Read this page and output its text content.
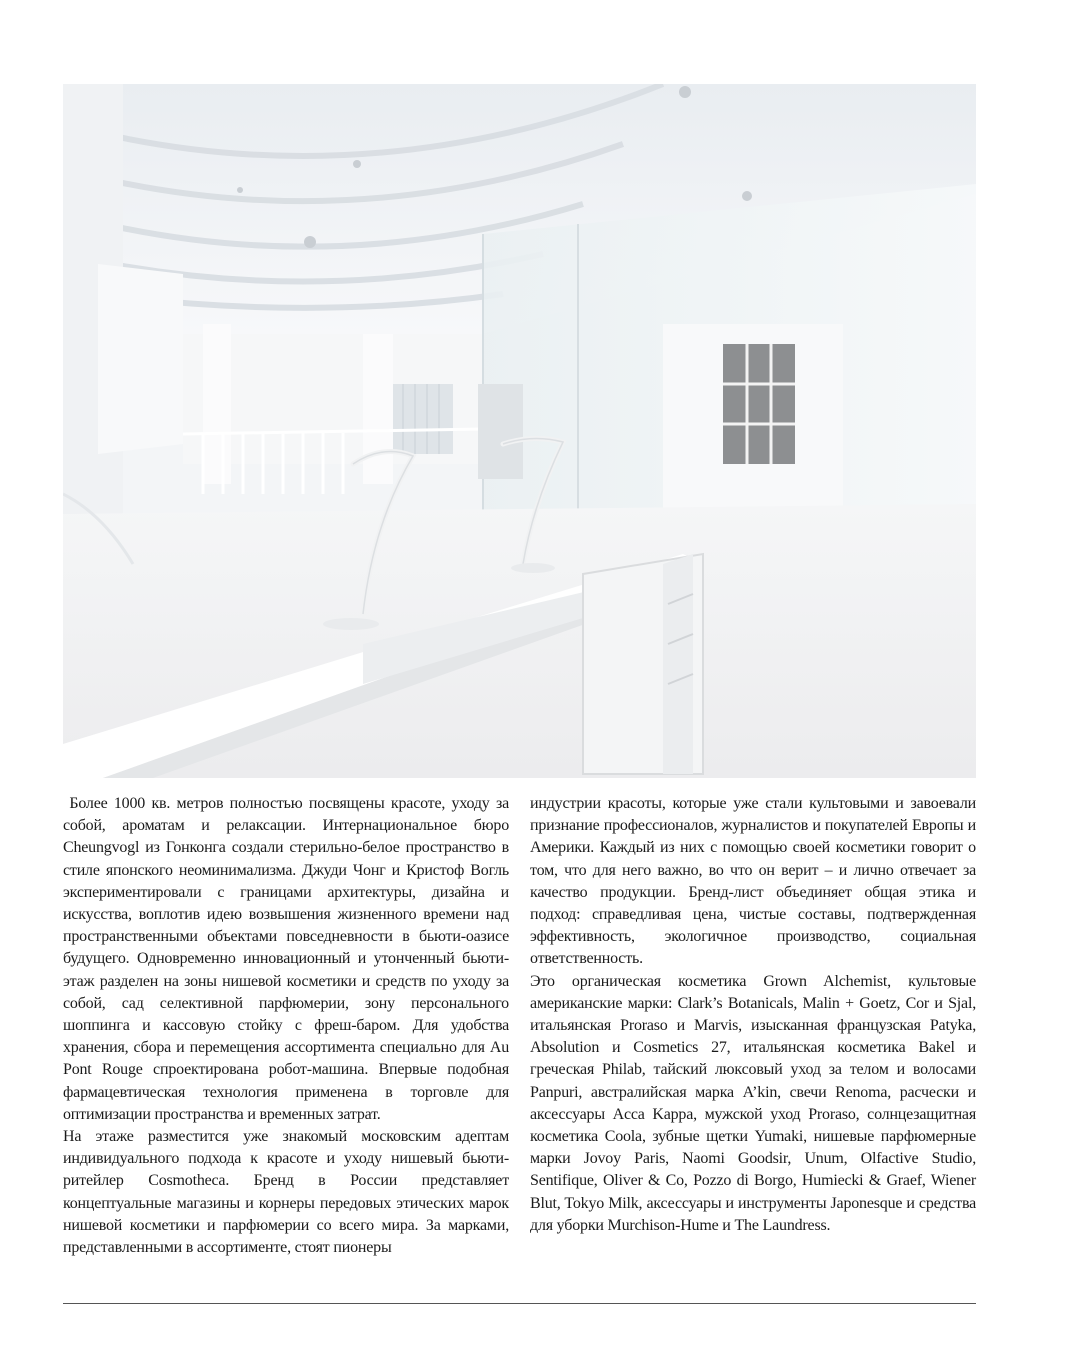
Более 1000 кв. метров полностью посвящены красоте, уходу за собой, ароматам и релаксации. Интернациональное бюро Cheungvogl из Гонконга создали стерильно-белое пространство в стиле японского неоминимализма. Джуди Чонг и Кристоф Вогль экспериментировали с границами архитектуры, дизайна и искусства, воплотив идею возвышения жизненного времени над пространственными объектами повседневности в бьюти-оазисе будущего. Одновременно инновационный и утонченный бьюти-этаж разделен на зоны нишевой косметики и средств по уходу за собой, сад селективной парфюмерии, зону персонального шоппинга и кассовую стойку с фреш-баром. Для удобства хранения, сбора и перемещения ассортимента специально для Au Pont Rouge спроектирована робот-машина. Впервые подобная фармацевтическая технология применена в торговле для оптимизации пространства и временных затрат.

На этаже разместится уже знакомый московским адептам индивидуального подхода к красоте и уходу нишевый бьюти-ритейлер Cosmotheca. Бренд в России представляет концептуальные магазины и корнеры передовых этических марок нишевой косметики и парфюмерии со всего мира. За марками, представленными в ассортименте, стоят пионеры

индустрии красоты, которые уже стали культовыми и завоевали признание профессионалов, журналистов и покупателей Европы и Америки. Каждый из них с помощью своей косметики говорит о том, что для него важно, во что он верит – и лично отвечает за качество продукции. Бренд-лист объединяет общая этика и подход: справедливая цена, чистые составы, подтвержденная эффективность, экологичное производство, социальная ответственность.

Это органическая косметика Grown Alchemist, культовые американские марки: Clark’s Botanicals, Malin + Goetz, Cor и Sjal, итальянская Proraso и Marvis, изысканная французская Patyka, Absolution и Cosmetics 27, итальянская косметика Bakel и греческая Philab, тайский люксовый уход за телом и волосами Panpuri, австралийская марка A’kin, свечи Renoma, расчески и аксессуары Acca Kappa, мужской уход Proraso, солнцезащитная косметика Coola, зубные щетки Yumaki, нишевые парфюмерные марки Jovoy Paris, Naomi Goodsir, Unum, Olfactive Studio, Sentifique, Oliver & Co, Pozzo di Borgo, Humiecki & Graef, Wiener Blut, Tokyo Milk, аксессуары и инструменты Japonesque и средства для уборки Murchison-Hume и The Laundress.
